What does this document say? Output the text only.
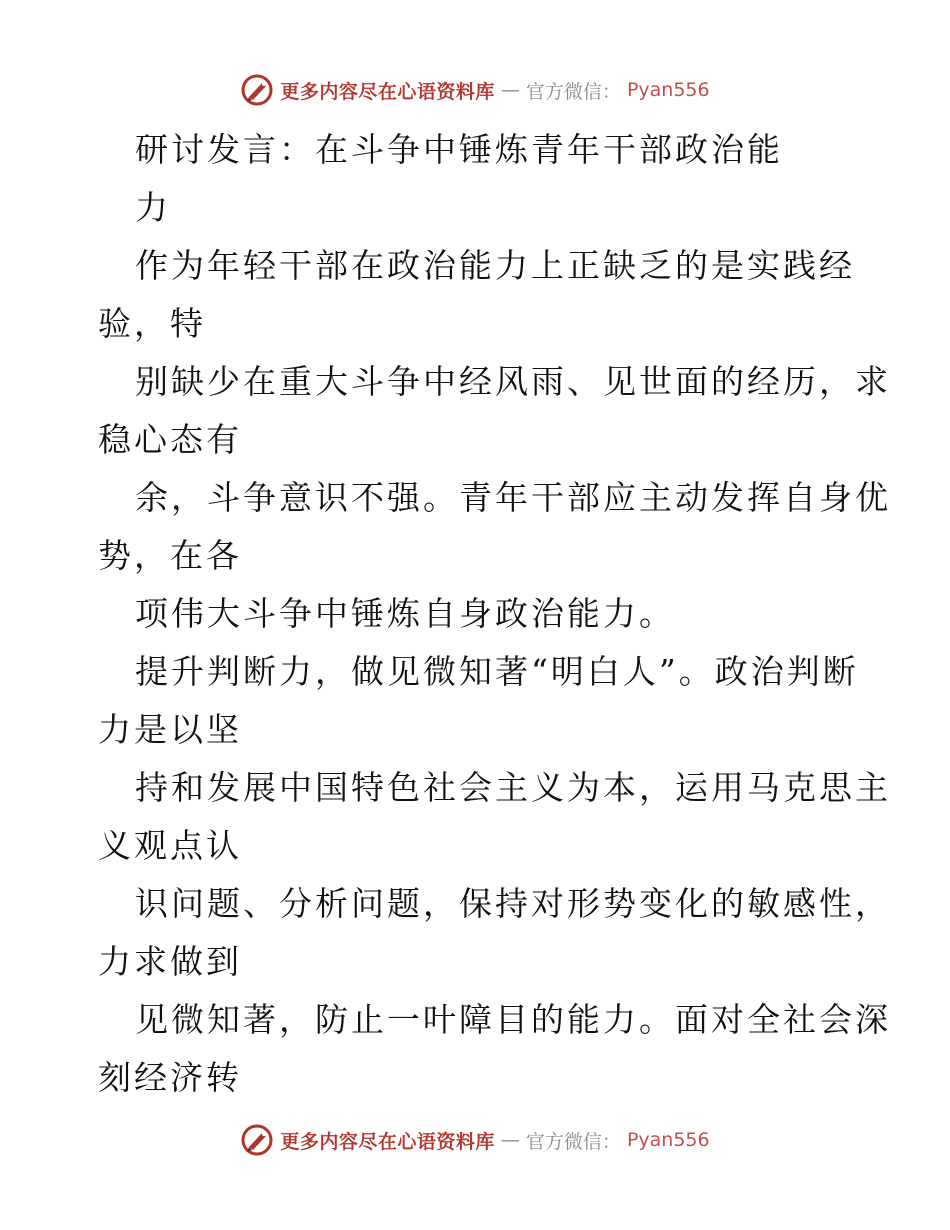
更多内容尽在心语资料库 — 官方微信： Pyan556
研讨发言：在斗争中锤炼青年干部政治能
力
作为年轻干部在政治能力上正缺乏的是实践经
验，特
别缺少在重大斗争中经风雨、见世面的经历，求
稳心态有
余，斗争意识不强。青年干部应主动发挥自身优
势，在各
项伟大斗争中锤炼自身政治能力。
提升判断力，做见微知著“明白人”。政治判断
力是以坚
持和发展中国特色社会主义为本，运用马克思主
义观点认
识问题、分析问题，保持对形势变化的敏感性，
力求做到
见微知著，防止一叶障目的能力。面对全社会深
刻经济转
更多内容尽在心语资料库 — 官方微信： Pyan556
